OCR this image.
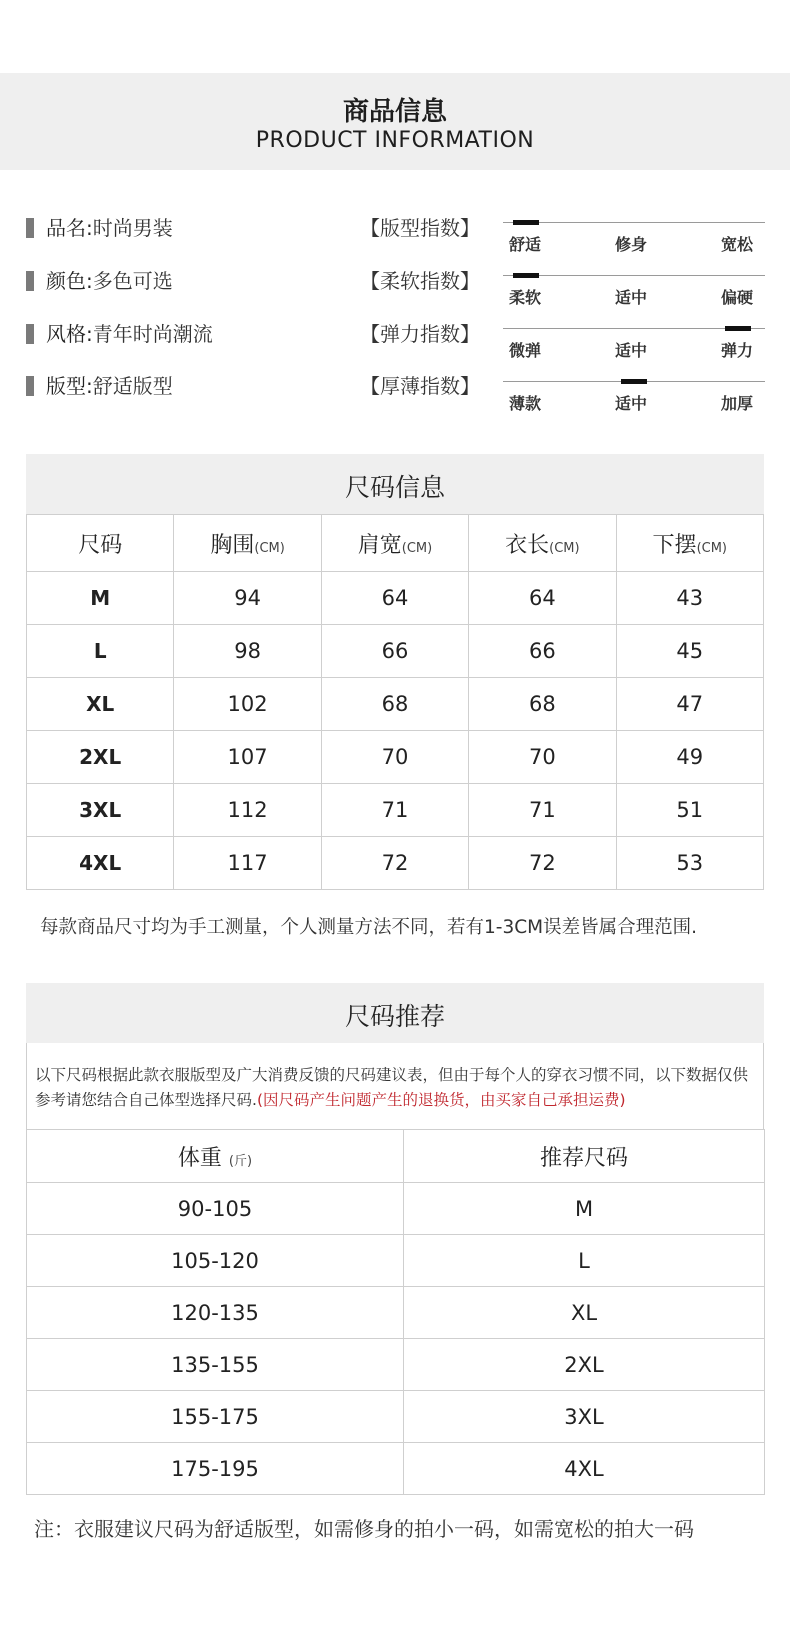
商品信息
PRODUCT INFORMATION
品名:时尚男装
颜色:多色可选
风格:青年时尚潮流
版型:舒适版型
【版型指数】
舒适	修身	宽松
【柔软指数】
柔软	适中	偏硬
【弹力指数】
微弹	适中	弹力
【厚薄指数】
薄款	适中	加厚
尺码信息
尺码	胸围(CM)	肩宽(CM)	衣长(CM)	下摆(CM)
M	94	64	64	43
L	98	66	66	45
XL	102	68	68	47
2XL	107	70	70	49
3XL	112	71	71	51
4XL	117	72	72	53
每款商品尺寸均为手工测量，个人测量方法不同，若有1-3CM误差皆属合理范围.
尺码推荐
以下尺码根据此款衣服版型及广大消费反馈的尺码建议表，但由于每个人的穿衣习惯不同，以下数据仅供参考请您结合自己体型选择尺码.(因尺码产生问题产生的退换货，由买家自己承担运费)
体重 (斤)	推荐尺码
90-105	M
105-120	L
120-135	XL
135-155	2XL
155-175	3XL
175-195	4XL
注：衣服建议尺码为舒适版型，如需修身的拍小一码，如需宽松的拍大一码
